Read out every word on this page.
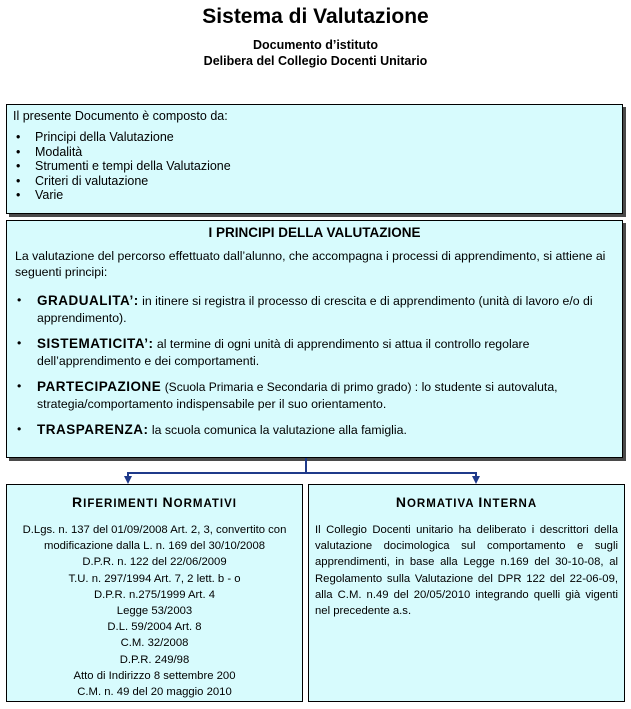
Sistema di Valutazione
Documento d’istituto
Delibera del Collegio Docenti Unitario
Il presente Documento è composto da:
• Principi della Valutazione
• Modalità
• Strumenti e tempi della Valutazione
• Criteri di valutazione
• Varie
I PRINCIPI DELLA VALUTAZIONE
La valutazione del percorso effettuato dall’alunno, che accompagna i processi di apprendimento, si attiene ai seguenti principi:
• GRADUALITA’: in itinere si registra il processo di crescita e di apprendimento (unità di lavoro e/o di apprendimento).
• SISTEMATICITA’: al termine di ogni unità di apprendimento si attua il controllo regolare dell’apprendimento e dei comportamenti.
• PARTECIPAZIONE (Scuola Primaria e Secondaria di primo grado) : lo studente si autovaluta, strategia/comportamento indispensabile per il suo orientamento.
• TRASPARENZA: la scuola comunica la valutazione alla famiglia.
RIFERIMENTI NORMATIVI
D.Lgs. n. 137 del 01/09/2008 Art. 2, 3, convertito con modificazione dalla L. n. 169 del 30/10/2008
D.P.R. n. 122 del 22/06/2009
T.U. n. 297/1994 Art. 7, 2 lett. b - o
D.P.R. n.275/1999 Art. 4
Legge 53/2003
D.L. 59/2004 Art. 8
C.M. 32/2008
D.P.R. 249/98
Atto di Indirizzo 8 settembre 200
C.M. n. 49 del 20 maggio 2010
NORMATIVA INTERNA
Il Collegio Docenti unitario ha deliberato i descrittori della valutazione docimologica sul comportamento e sugli apprendimenti, in base alla Legge n.169 del 30-10-08, al Regolamento sulla Valutazione del DPR 122 del 22-06-09, alla C.M. n.49 del 20/05/2010 integrando quelli già vigenti nel precedente a.s.
